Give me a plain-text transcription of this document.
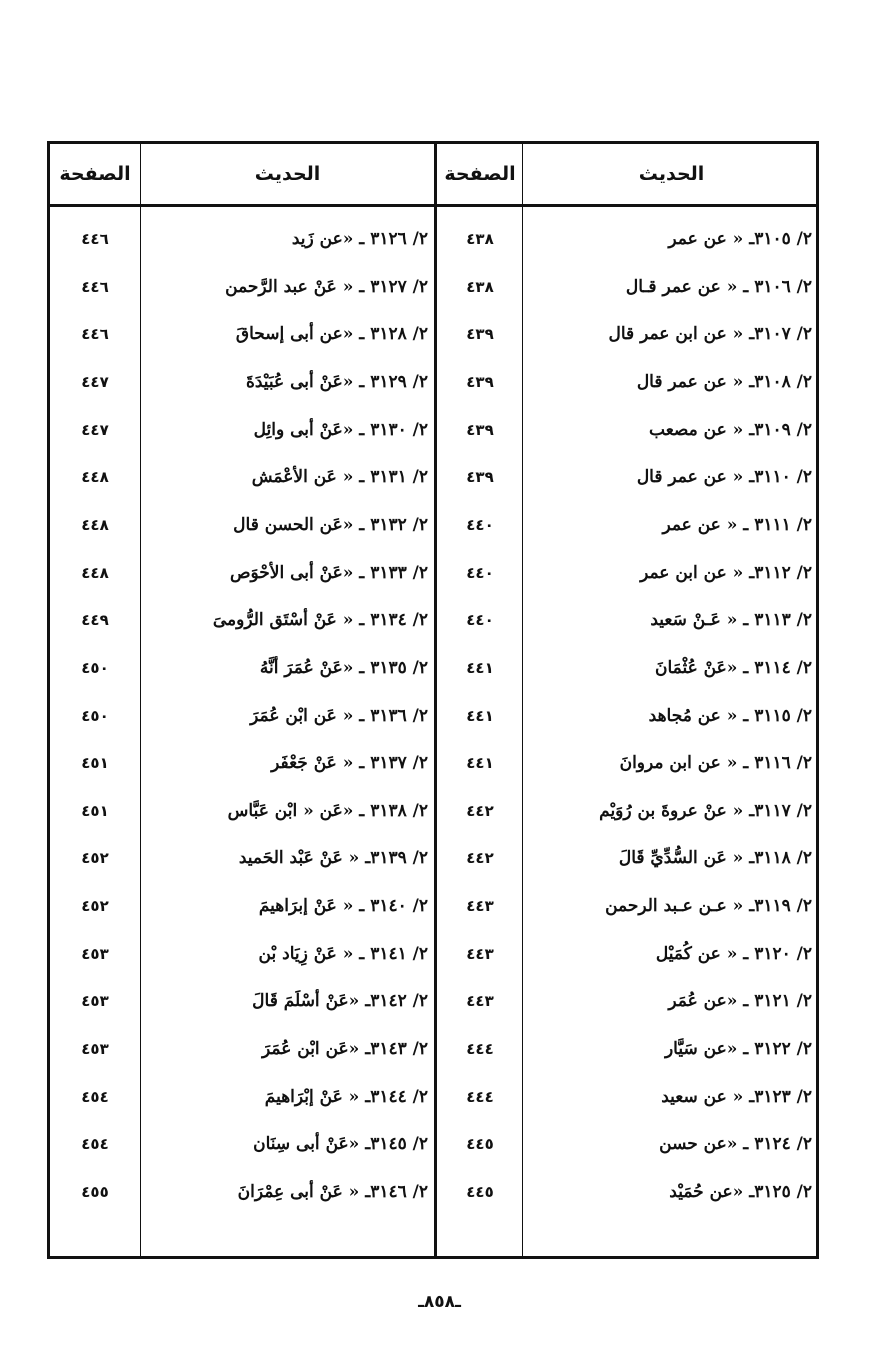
الحديث
الصفحة
الحديث
الصفحة
٢/ ٣١٠٥ـ « عن عمر
٤٣٨
٢/ ٣١٢٦ ـ «عن زَيد
٤٤٦
٢/ ٣١٠٦ ـ « عن عمر قـال
٤٣٨
٢/ ٣١٢٧ ـ « عَنْ عبد الرَّحمن
٤٤٦
٢/ ٣١٠٧ـ « عن ابن عمر قال
٤٣٩
٢/ ٣١٢٨ ـ «عن أبى إسحاقَ
٤٤٦
٢/ ٣١٠٨ـ « عن عمر قال
٤٣٩
٢/ ٣١٢٩ ـ «عَنْ أبى عُبَيْدَةَ
٤٤٧
٢/ ٣١٠٩ـ « عن مصعب
٤٣٩
٢/ ٣١٣٠ ـ «عَنْ أبى وائِل
٤٤٧
٢/ ٣١١٠ـ « عن عمر قال
٤٣٩
٢/ ٣١٣١ ـ « عَن الأعْمَش
٤٤٨
٢/ ٣١١١ ـ « عن عمر
٤٤٠
٢/ ٣١٣٢ ـ «عَن الحسن قال
٤٤٨
٢/ ٣١١٢ـ « عن ابن عمر
٤٤٠
٢/ ٣١٣٣ ـ «عَنْ أبى الأحْوَص
٤٤٨
٢/ ٣١١٣ ـ « عَـنْ سَعيد
٤٤٠
٢/ ٣١٣٤ ـ « عَنْ أسْتَق الرُّومىَ
٤٤٩
٢/ ٣١١٤ ـ «عَنْ عُثْمَانَ
٤٤١
٢/ ٣١٣٥ ـ «عَنْ عُمَرَ أنَّهُ
٤٥٠
٢/ ٣١١٥ ـ « عن مُجاهد
٤٤١
٢/ ٣١٣٦ ـ « عَن ابْن عُمَرَ
٤٥٠
٢/ ٣١١٦ ـ « عن ابن مروانَ
٤٤١
٢/ ٣١٣٧ ـ « عَنْ جَعْفَر
٤٥١
٢/ ٣١١٧ـ « عنْ عروةَ بن رُوَيْم
٤٤٢
٢/ ٣١٣٨ ـ «عَن « ابْن عَبَّاس
٤٥١
٢/ ٣١١٨ـ « عَن السُّدِّيِّ قَالَ
٤٤٢
٢/ ٣١٣٩ـ « عَنْ عَبْد الحَميد
٤٥٢
٢/ ٣١١٩ـ « عـن عـبد الرحمن
٤٤٣
٢/ ٣١٤٠ ـ « عَنْ إبرَاهيمَ
٤٥٢
٢/ ٣١٢٠ ـ « عن كُمَيْل
٤٤٣
٢/ ٣١٤١ ـ « عَنْ زِيَاد بْن
٤٥٣
٢/ ٣١٢١ ـ «عن عُمَر
٤٤٣
٢/ ٣١٤٢ـ «عَنْ أسْلَمَ قَالَ
٤٥٣
٢/ ٣١٢٢ ـ «عن سَيَّار
٤٤٤
٢/ ٣١٤٣ـ «عَن ابْن عُمَرَ
٤٥٣
٢/ ٣١٢٣ـ « عن سعيد
٤٤٤
٢/ ٣١٤٤ـ « عَنْ إبْرَاهيمَ
٤٥٤
٢/ ٣١٢٤ ـ «عن حسن
٤٤٥
٢/ ٣١٤٥ـ «عَنْ أبى سِنَان
٤٥٤
٢/ ٣١٢٥ـ «عن حُمَيْد
٤٤٥
٢/ ٣١٤٦ـ « عَنْ أبى عِمْرَانَ
٤٥٥
ـ٨٥٨ـ
